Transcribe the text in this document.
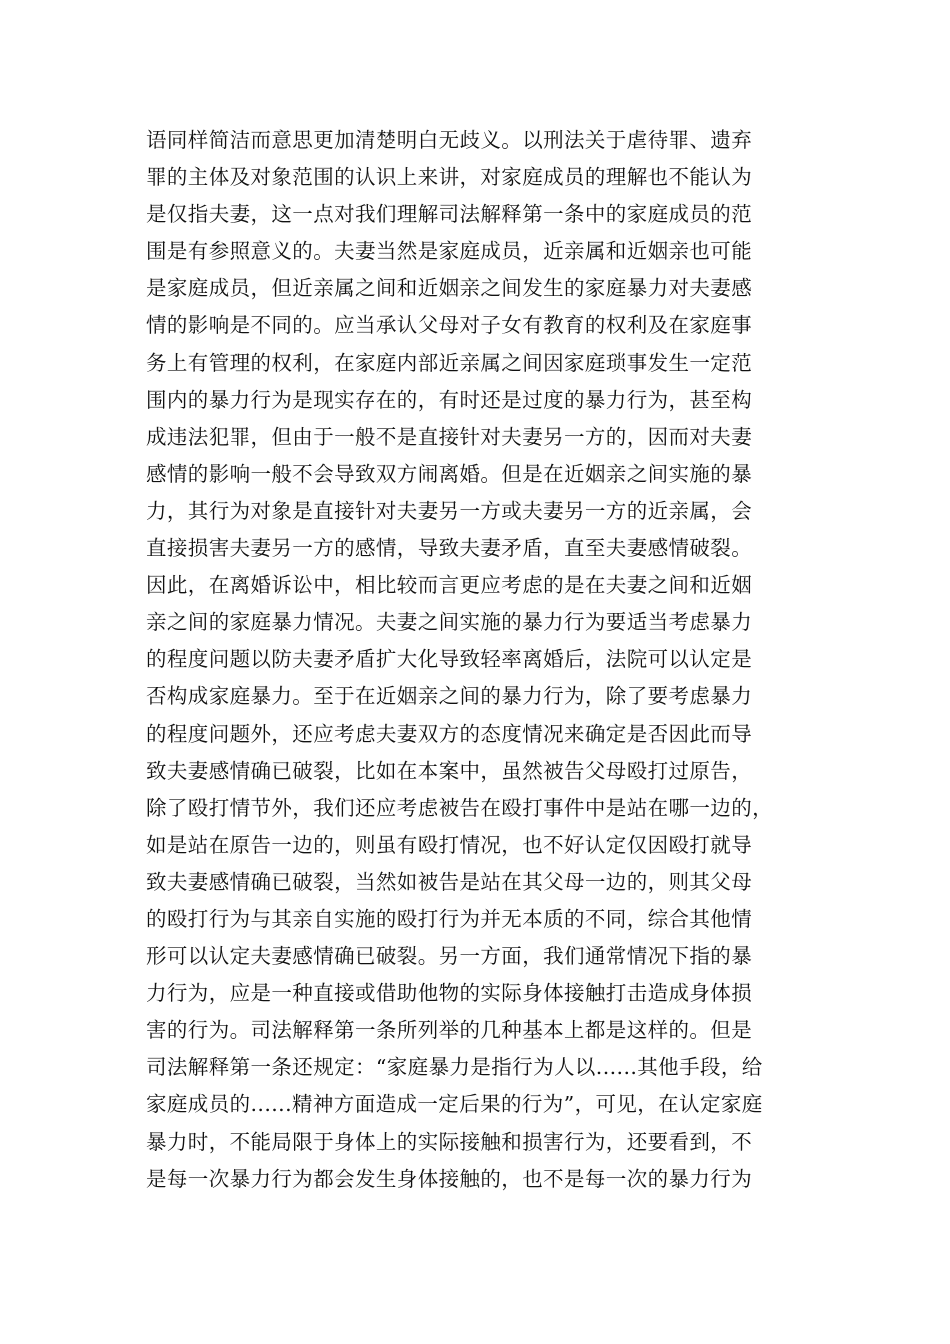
语同样简洁而意思更加清楚明白无歧义。以刑法关于虐待罪、遗弃
罪的主体及对象范围的认识上来讲，对家庭成员的理解也不能认为
是仅指夫妻，这一点对我们理解司法解释第一条中的家庭成员的范
围是有参照意义的。夫妻当然是家庭成员，近亲属和近姻亲也可能
是家庭成员，但近亲属之间和近姻亲之间发生的家庭暴力对夫妻感
情的影响是不同的。应当承认父母对子女有教育的权利及在家庭事
务上有管理的权利，在家庭内部近亲属之间因家庭琐事发生一定范
围内的暴力行为是现实存在的，有时还是过度的暴力行为，甚至构
成违法犯罪，但由于一般不是直接针对夫妻另一方的，因而对夫妻
感情的影响一般不会导致双方闹离婚。但是在近姻亲之间实施的暴
力，其行为对象是直接针对夫妻另一方或夫妻另一方的近亲属，会
直接损害夫妻另一方的感情，导致夫妻矛盾，直至夫妻感情破裂。
因此，在离婚诉讼中，相比较而言更应考虑的是在夫妻之间和近姻
亲之间的家庭暴力情况。夫妻之间实施的暴力行为要适当考虑暴力
的程度问题以防夫妻矛盾扩大化导致轻率离婚后，法院可以认定是
否构成家庭暴力。至于在近姻亲之间的暴力行为，除了要考虑暴力
的程度问题外，还应考虑夫妻双方的态度情况来确定是否因此而导
致夫妻感情确已破裂，比如在本案中，虽然被告父母殴打过原告，
除了殴打情节外，我们还应考虑被告在殴打事件中是站在哪一边的，
如是站在原告一边的，则虽有殴打情况，也不好认定仅因殴打就导
致夫妻感情确已破裂，当然如被告是站在其父母一边的，则其父母
的殴打行为与其亲自实施的殴打行为并无本质的不同，综合其他情
形可以认定夫妻感情确已破裂。另一方面，我们通常情况下指的暴
力行为，应是一种直接或借助他物的实际身体接触打击造成身体损
害的行为。司法解释第一条所列举的几种基本上都是这样的。但是
司法解释第一条还规定：“家庭暴力是指行为人以......其他手段，给
家庭成员的......精神方面造成一定后果的行为”，可见，在认定家庭
暴力时，不能局限于身体上的实际接触和损害行为，还要看到，不
是每一次暴力行为都会发生身体接触的，也不是每一次的暴力行为
